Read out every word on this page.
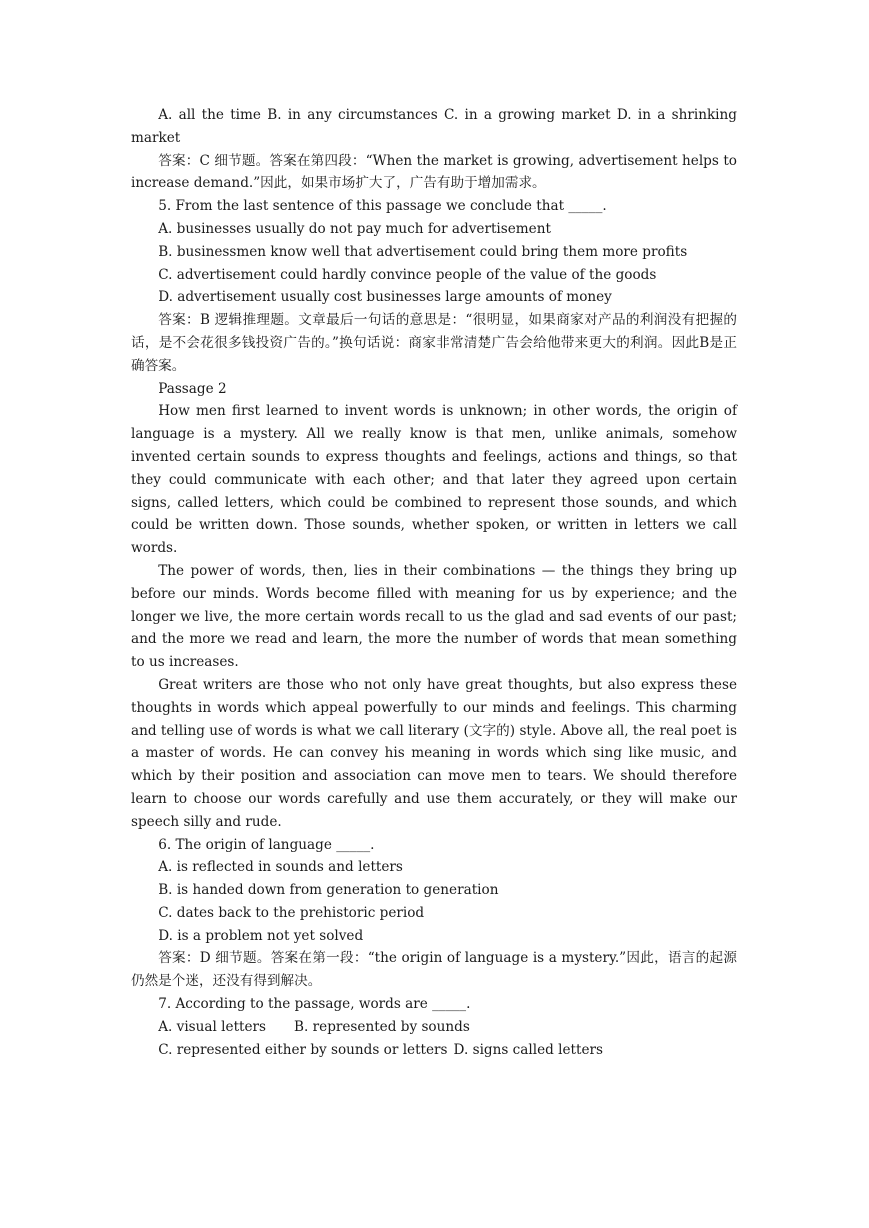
A. all the time B. in any circumstances C. in a growing market D. in a shrinking market

答案：C 细节题。答案在第四段：“When the market is growing, advertisement helps to increase demand.”因此，如果市场扩大了，广告有助于增加需求。

5. From the last sentence of this passage we conclude that _____.

A. businesses usually do not pay much for advertisement

B. businessmen know well that advertisement could bring them more profits

C. advertisement could hardly convince people of the value of the goods

D. advertisement usually cost businesses large amounts of money

答案：B 逻辑推理题。文章最后一句话的意思是：“很明显，如果商家对产品的利润没有把握的话，是不会花很多钱投资广告的。”换句话说：商家非常清楚广告会给他带来更大的利润。因此B是正确答案。

Passage 2

How men first learned to invent words is unknown; in other words, the origin of language is a mystery. All we really know is that men, unlike animals, somehow invented certain sounds to express thoughts and feelings, actions and things, so that they could communicate with each other; and that later they agreed upon certain signs, called letters, which could be combined to represent those sounds, and which could be written down. Those sounds, whether spoken, or written in letters we call words.

The power of words, then, lies in their combinations — the things they bring up before our minds. Words become filled with meaning for us by experience; and the longer we live, the more certain words recall to us the glad and sad events of our past; and the more we read and learn, the more the number of words that mean something to us increases.

Great writers are those who not only have great thoughts, but also express these thoughts in words which appeal powerfully to our minds and feelings. This charming and telling use of words is what we call literary (文字的) style. Above all, the real poet is a master of words. He can convey his meaning in words which sing like music, and which by their position and association can move men to tears. We should therefore learn to choose our words carefully and use them accurately, or they will make our speech silly and rude.

6. The origin of language _____.

A. is reflected in sounds and letters

B. is handed down from generation to generation

C. dates back to the prehistoric period

D. is a problem not yet solved

答案：D 细节题。答案在第一段：“the origin of language is a mystery.”因此，语言的起源仍然是个迷，还没有得到解决。

7. According to the passage, words are _____.

A. visual letters B. represented by sounds

C. represented either by sounds or letters D. signs called letters
